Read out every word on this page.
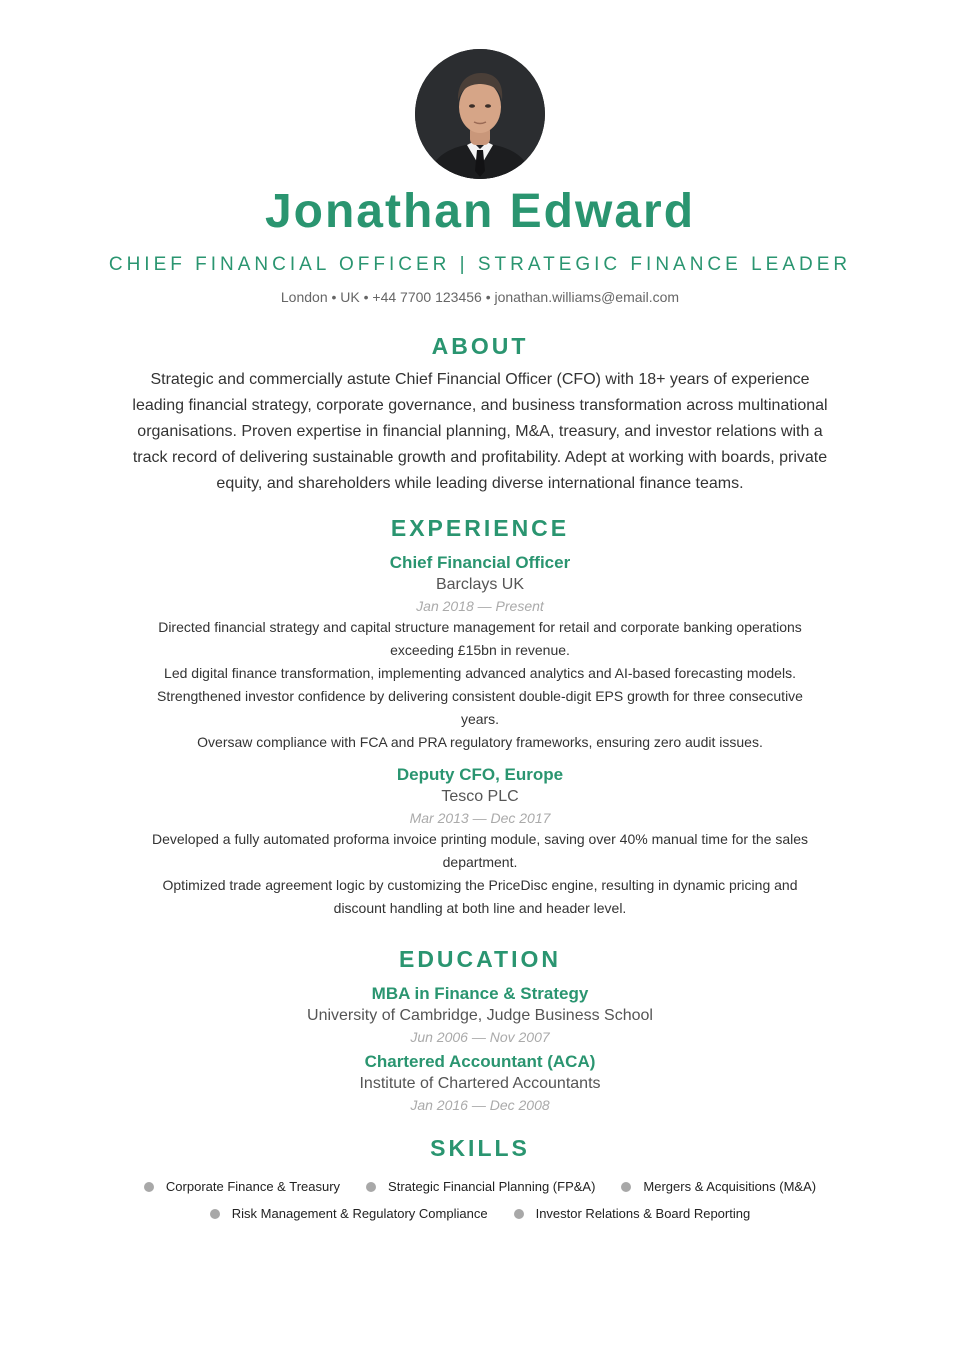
Jonathan Edward
CHIEF FINANCIAL OFFICER | STRATEGIC FINANCE LEADER
London • UK • +44 7700 123456 • jonathan.williams@email.com
ABOUT
Strategic and commercially astute Chief Financial Officer (CFO) with 18+ years of experience leading financial strategy, corporate governance, and business transformation across multinational organisations. Proven expertise in financial planning, M&A, treasury, and investor relations with a track record of delivering sustainable growth and profitability. Adept at working with boards, private equity, and shareholders while leading diverse international finance teams.
EXPERIENCE
Chief Financial Officer
Barclays UK
Jan 2018 — Present
Directed financial strategy and capital structure management for retail and corporate banking operations exceeding £15bn in revenue.
Led digital finance transformation, implementing advanced analytics and AI-based forecasting models.
Strengthened investor confidence by delivering consistent double-digit EPS growth for three consecutive years.
Oversaw compliance with FCA and PRA regulatory frameworks, ensuring zero audit issues.
Deputy CFO, Europe
Tesco PLC
Mar 2013 — Dec 2017
Developed a fully automated proforma invoice printing module, saving over 40% manual time for the sales department.
Optimized trade agreement logic by customizing the PriceDisc engine, resulting in dynamic pricing and discount handling at both line and header level.
EDUCATION
MBA in Finance & Strategy
University of Cambridge, Judge Business School
Jun 2006 — Nov 2007
Chartered Accountant (ACA)
Institute of Chartered Accountants
Jan 2016 — Dec 2008
SKILLS
Corporate Finance & Treasury	Strategic Financial Planning (FP&A)	Mergers & Acquisitions (M&A)
Risk Management & Regulatory Compliance	Investor Relations & Board Reporting
